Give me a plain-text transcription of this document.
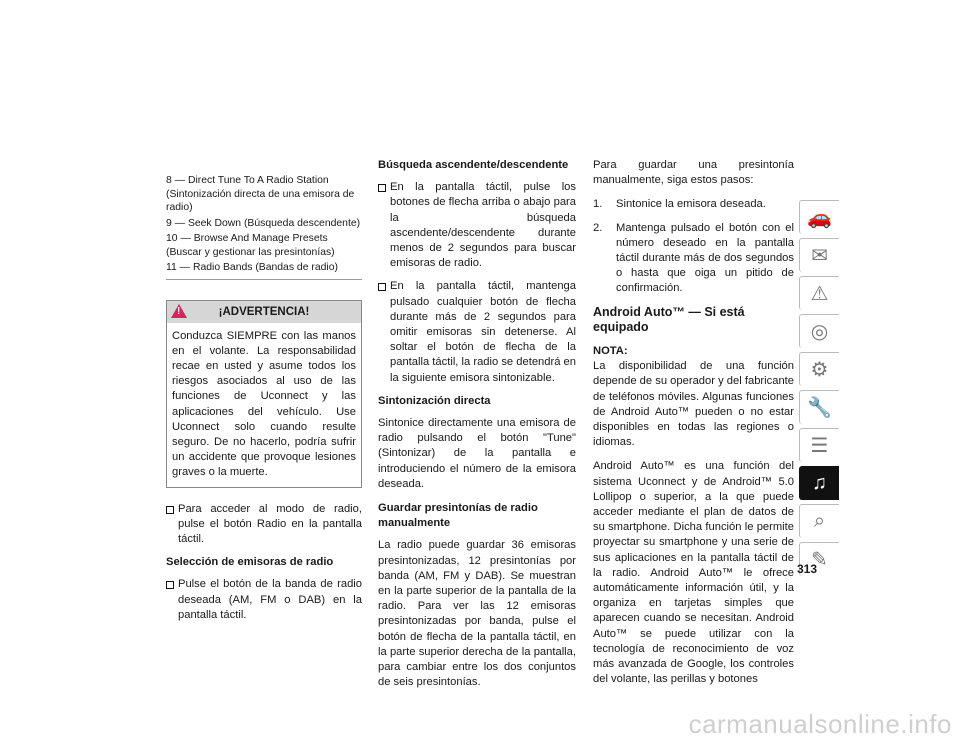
8 — Direct Tune To A Radio Station (Sintonización directa de una emisora de radio)
9 — Seek Down (Búsqueda descendente)
10 — Browse And Manage Presets (Buscar y gestionar las presintonías)
11 — Radio Bands (Bandas de radio)
!
¡ADVERTENCIA!
Conduzca SIEMPRE con las manos en el volante. La responsabilidad recae en usted y asume todos los riesgos asociados al uso de las funciones de Uconnect y las aplicaciones del vehículo. Use Uconnect solo cuando resulte seguro. De no hacerlo, podría sufrir un accidente que provoque lesiones graves o la muerte.
Para acceder al modo de radio, pulse el botón Radio en la pantalla táctil.
Selección de emisoras de radio
Pulse el botón de la banda de radio deseada (AM, FM o DAB) en la pantalla táctil.
Búsqueda ascendente/descendente
En la pantalla táctil, pulse los botones de flecha arriba o abajo para la búsqueda ascendente/descendente durante menos de 2 segundos para buscar emisoras de radio.
En la pantalla táctil, mantenga pulsado cualquier botón de flecha durante más de 2 segundos para omitir emisoras sin detenerse. Al soltar el botón de flecha de la pantalla táctil, la radio se detendrá en la siguiente emisora sintonizable.
Sintonización directa

Sintonice directamente una emisora de radio pulsando el botón "Tune" (Sintonizar) de la pantalla e introduciendo el número de la emisora deseada.

Guardar presintonías de radio manualmente

La radio puede guardar 36 emisoras presintonizadas, 12 presintonías por banda (AM, FM y DAB). Se muestran en la parte superior de la pantalla de la radio. Para ver las 12 emisoras presintonizadas por banda, pulse el botón de flecha de la pantalla táctil, en la parte superior derecha de la pantalla, para cambiar entre los dos conjuntos de seis presintonías.

Para guardar una presintonía manualmente, siga estos pasos:

1. Sintonice la emisora deseada.
2. Mantenga pulsado el botón con el número deseado en la pantalla táctil durante más de dos segundos o hasta que oiga un pitido de confirmación.
Android Auto™ — Si está equipado

NOTA:

La disponibilidad de una función depende de su operador y del fabricante de teléfonos móviles. Algunas funciones de Android Auto™ pueden o no estar disponibles en todas las regiones o idiomas.

Android Auto™ es una función del sistema Uconnect y de Android™ 5.0 Lollipop o superior, a la que puede acceder mediante el plan de datos de su smartphone. Dicha función le permite proyectar su smartphone y una serie de sus aplicaciones en la pantalla táctil de la radio. Android Auto™ le ofrece automáticamente información útil, y la organiza en tarjetas simples que aparecen cuando se necesitan. Android Auto™ se puede utilizar con la tecnología de reconocimiento de voz más avanzada de Google, los controles del volante, las perillas y botones

🚗
✉
⚠
◎
⚙
🔧
☰
♫
⌕
✎
313
carmanualsonline.info
